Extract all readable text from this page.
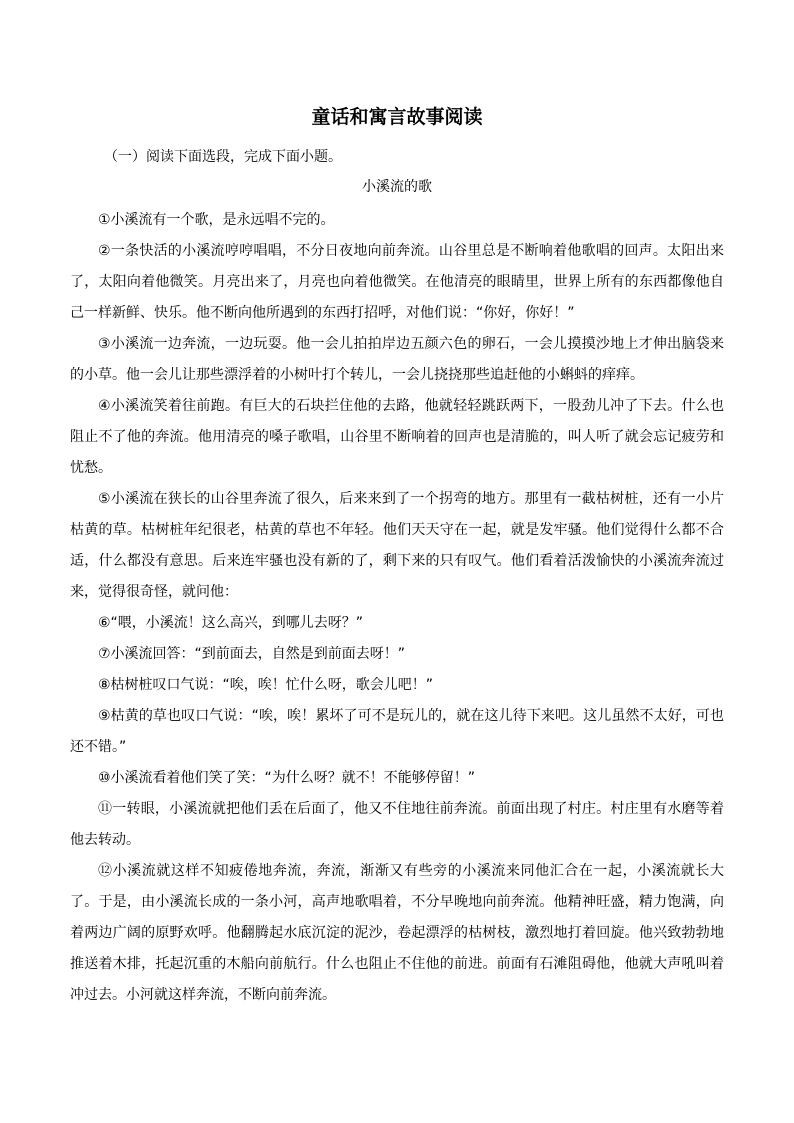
童话和寓言故事阅读
（一）阅读下面选段，完成下面小题。
小溪流的歌

①小溪流有一个歌，是永远唱不完的。

②一条快活的小溪流哼哼唱唱，不分日夜地向前奔流。山谷里总是不断响着他歌唱的回声。太阳出来了，太阳向着他微笑。月亮出来了，月亮也向着他微笑。在他清亮的眼睛里，世界上所有的东西都像他自己一样新鲜、快乐。他不断向他所遇到的东西打招呼，对他们说：“你好，你好！”

③小溪流一边奔流，一边玩耍。他一会儿拍拍岸边五颜六色的卵石，一会儿摸摸沙地上才伸出脑袋来的小草。他一会儿让那些漂浮着的小树叶打个转儿，一会儿挠挠那些追赶他的小蝌蚪的痒痒。

④小溪流笑着往前跑。有巨大的石块拦住他的去路，他就轻轻跳跃两下，一股劲儿冲了下去。什么也阻止不了他的奔流。他用清亮的嗓子歌唱，山谷里不断响着的回声也是清脆的，叫人听了就会忘记疲劳和忧愁。

⑤小溪流在狭长的山谷里奔流了很久，后来来到了一个拐弯的地方。那里有一截枯树桩，还有一小片枯黄的草。枯树桩年纪很老，枯黄的草也不年轻。他们天天守在一起，就是发牢骚。他们觉得什么都不合适，什么都没有意思。后来连牢骚也没有新的了，剩下来的只有叹气。他们看着活泼愉快的小溪流奔流过来，觉得很奇怪，就问他：

⑥“喂，小溪流！这么高兴，到哪儿去呀？”

⑦小溪流回答：“到前面去，自然是到前面去呀！”

⑧枯树桩叹口气说：“唉，唉！忙什么呀，歌会儿吧！”

⑨枯黄的草也叹口气说：“唉，唉！累坏了可不是玩儿的，就在这儿待下来吧。这儿虽然不太好，可也还不错。”

⑩小溪流看着他们笑了笑：“为什么呀？就不！不能够停留！”

⑪一转眼，小溪流就把他们丢在后面了，他又不住地往前奔流。前面出现了村庄。村庄里有水磨等着他去转动。

⑫小溪流就这样不知疲倦地奔流，奔流，渐渐又有些旁的小溪流来同他汇合在一起，小溪流就长大了。于是，由小溪流长成的一条小河，高声地歌唱着，不分早晚地向前奔流。他精神旺盛，精力饱满，向着两边广阔的原野欢呼。他翻腾起水底沉淀的泥沙，卷起漂浮的枯树枝，激烈地打着回旋。他兴致勃勃地推送着木排，托起沉重的木船向前航行。什么也阻止不住他的前进。前面有石滩阻碍他，他就大声吼叫着冲过去。小河就这样奔流，不断向前奔流。
